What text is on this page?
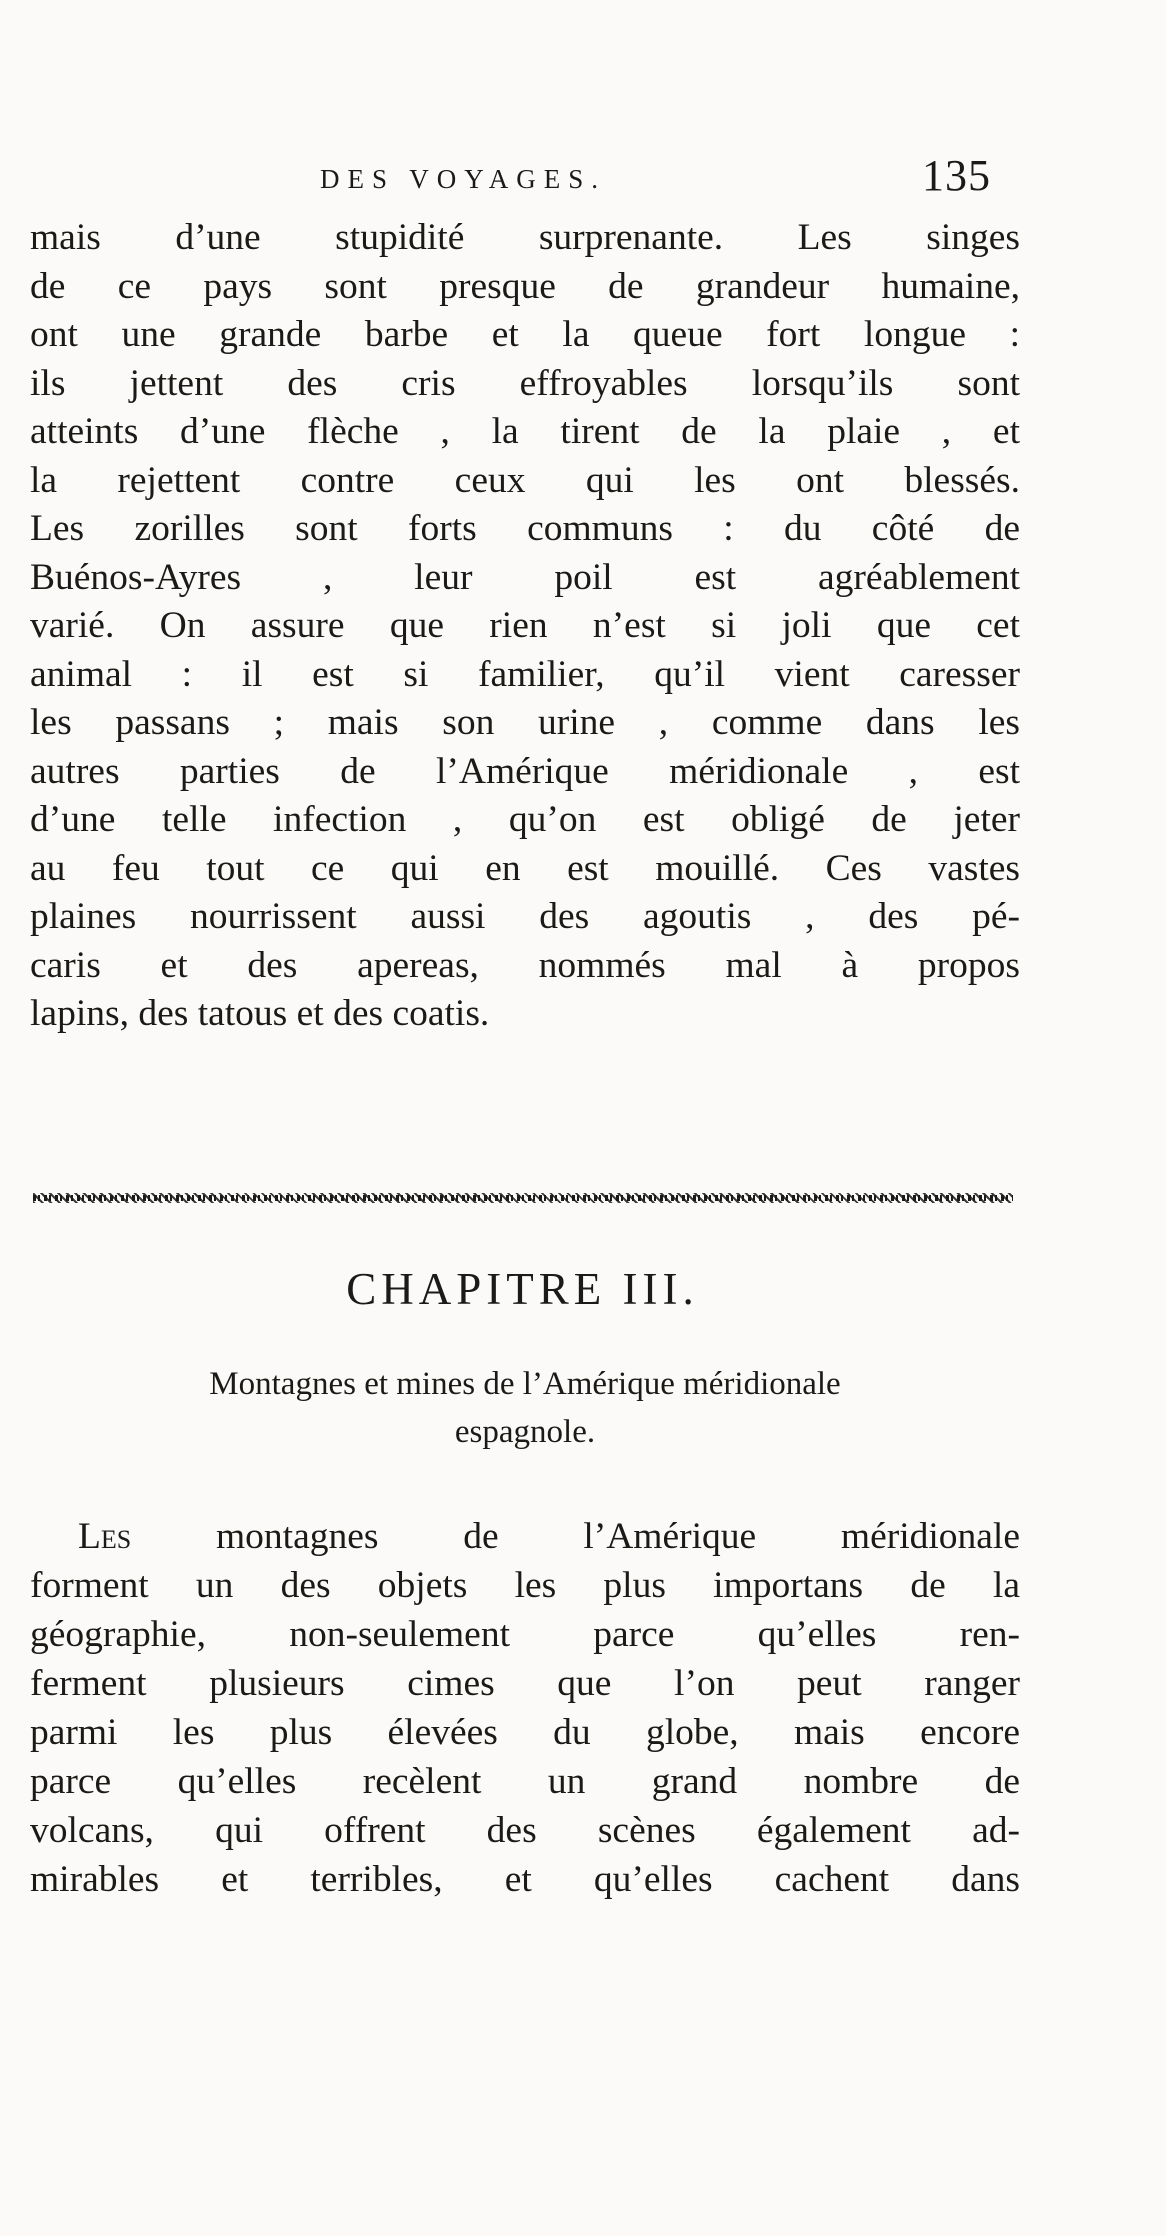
DES VOYAGES.	135
mais d’une stupidité surprenante. Les singes
de ce pays sont presque de grandeur humaine,
ont une grande barbe et la queue fort longue :
ils jettent des cris effroyables lorsqu’ils sont
atteints d’une flèche , la tirent de la plaie , et
la rejettent contre ceux qui les ont blessés.
Les zorilles sont forts communs : du côté de
Buénos-Ayres , leur poil est agréablement
varié. On assure que rien n’est si joli que cet
animal : il est si familier, qu’il vient caresser
les passans ; mais son urine , comme dans les
autres parties de l’Amérique méridionale , est
d’une telle infection , qu’on est obligé de jeter
au feu tout ce qui en est mouillé. Ces vastes
plaines nourrissent aussi des agoutis , des pé-
caris et des apereas, nommés mal à propos
lapins, des tatous et des coatis.
CHAPITRE III.
Montagnes et mines de l’Amérique méridionale
espagnole.
Les montagnes de l’Amérique méridionale
forment un des objets les plus importans de la
géographie, non-seulement parce qu’elles ren-
ferment plusieurs cimes que l’on peut ranger
parmi les plus élevées du globe, mais encore
parce qu’elles recèlent un grand nombre de
volcans, qui offrent des scènes également ad-
mirables et terribles, et qu’elles cachent dans
